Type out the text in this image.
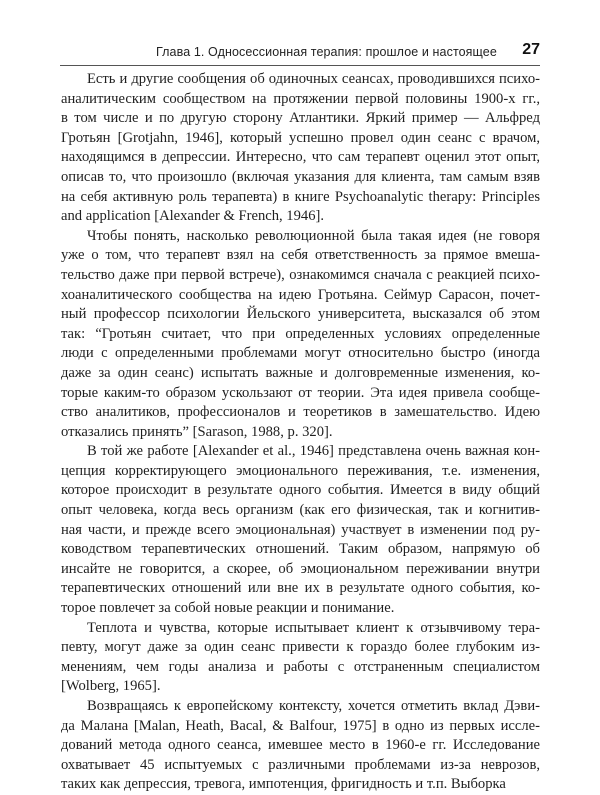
Глава 1. Односессионная терапия: прошлое и настоящее 27
Есть и другие сообщения об одиночных сеансах, проводившихся психо-
аналитическим сообществом на протяжении первой половины 1900-х гг.,
в том числе и по другую сторону Атлантики. Яркий пример — Альфред
Гротьян [Grotjahn, 1946], который успешно провел один сеанс с врачом,
находящимся в депрессии. Интересно, что сам терапевт оценил этот опыт,
описав то, что произошло (включая указания для клиента, там самым взяв
на себя активную роль терапевта) в книге Psychoanalytic therapy: Principles
and application [Alexander & French, 1946].
Чтобы понять, насколько революционной была такая идея (не говоря
уже о том, что терапевт взял на себя ответственность за прямое вмеша-
тельство даже при первой встрече), ознакомимся сначала с реакцией психо-
хоаналитического сообщества на идею Гротьяна. Сеймур Сарасон, почет-
ный профессор психологии Йельского университета, высказался об этом
так: “Гротьян считает, что при определенных условиях определенные
люди с определенными проблемами могут относительно быстро (иногда
даже за один сеанс) испытать важные и долговременные изменения, ко-
торые каким-то образом ускользают от теории. Эта идея привела сообще-
ство аналитиков, профессионалов и теоретиков в замешательство. Идею
отказались принять” [Sarason, 1988, p. 320].
В той же работе [Alexander et al., 1946] представлена очень важная кон-
цепция корректирующего эмоционального переживания, т.е. изменения,
которое происходит в результате одного события. Имеется в виду общий
опыт человека, когда весь организм (как его физическая, так и когнитив-
ная части, и прежде всего эмоциональная) участвует в изменении под ру-
ководством терапевтических отношений. Таким образом, напрямую об
инсайте не говорится, а скорее, об эмоциональном переживании внутри
терапевтических отношений или вне их в результате одного события, ко-
торое повлечет за собой новые реакции и понимание.
Теплота и чувства, которые испытывает клиент к отзывчивому тера-
певту, могут даже за один сеанс привести к гораздо более глубоким из-
менениям, чем годы анализа и работы с отстраненным специалистом
[Wolberg, 1965].
Возвращаясь к европейскому контексту, хочется отметить вклад Дэви-
да Малана [Malan, Heath, Bacal, & Balfour, 1975] в одно из первых иссле-
дований метода одного сеанса, имевшее место в 1960-е гг. Исследование
охватывает 45 испытуемых с различными проблемами из-за неврозов,
таких как депрессия, тревога, импотенция, фригидность и т.п. Выборка
